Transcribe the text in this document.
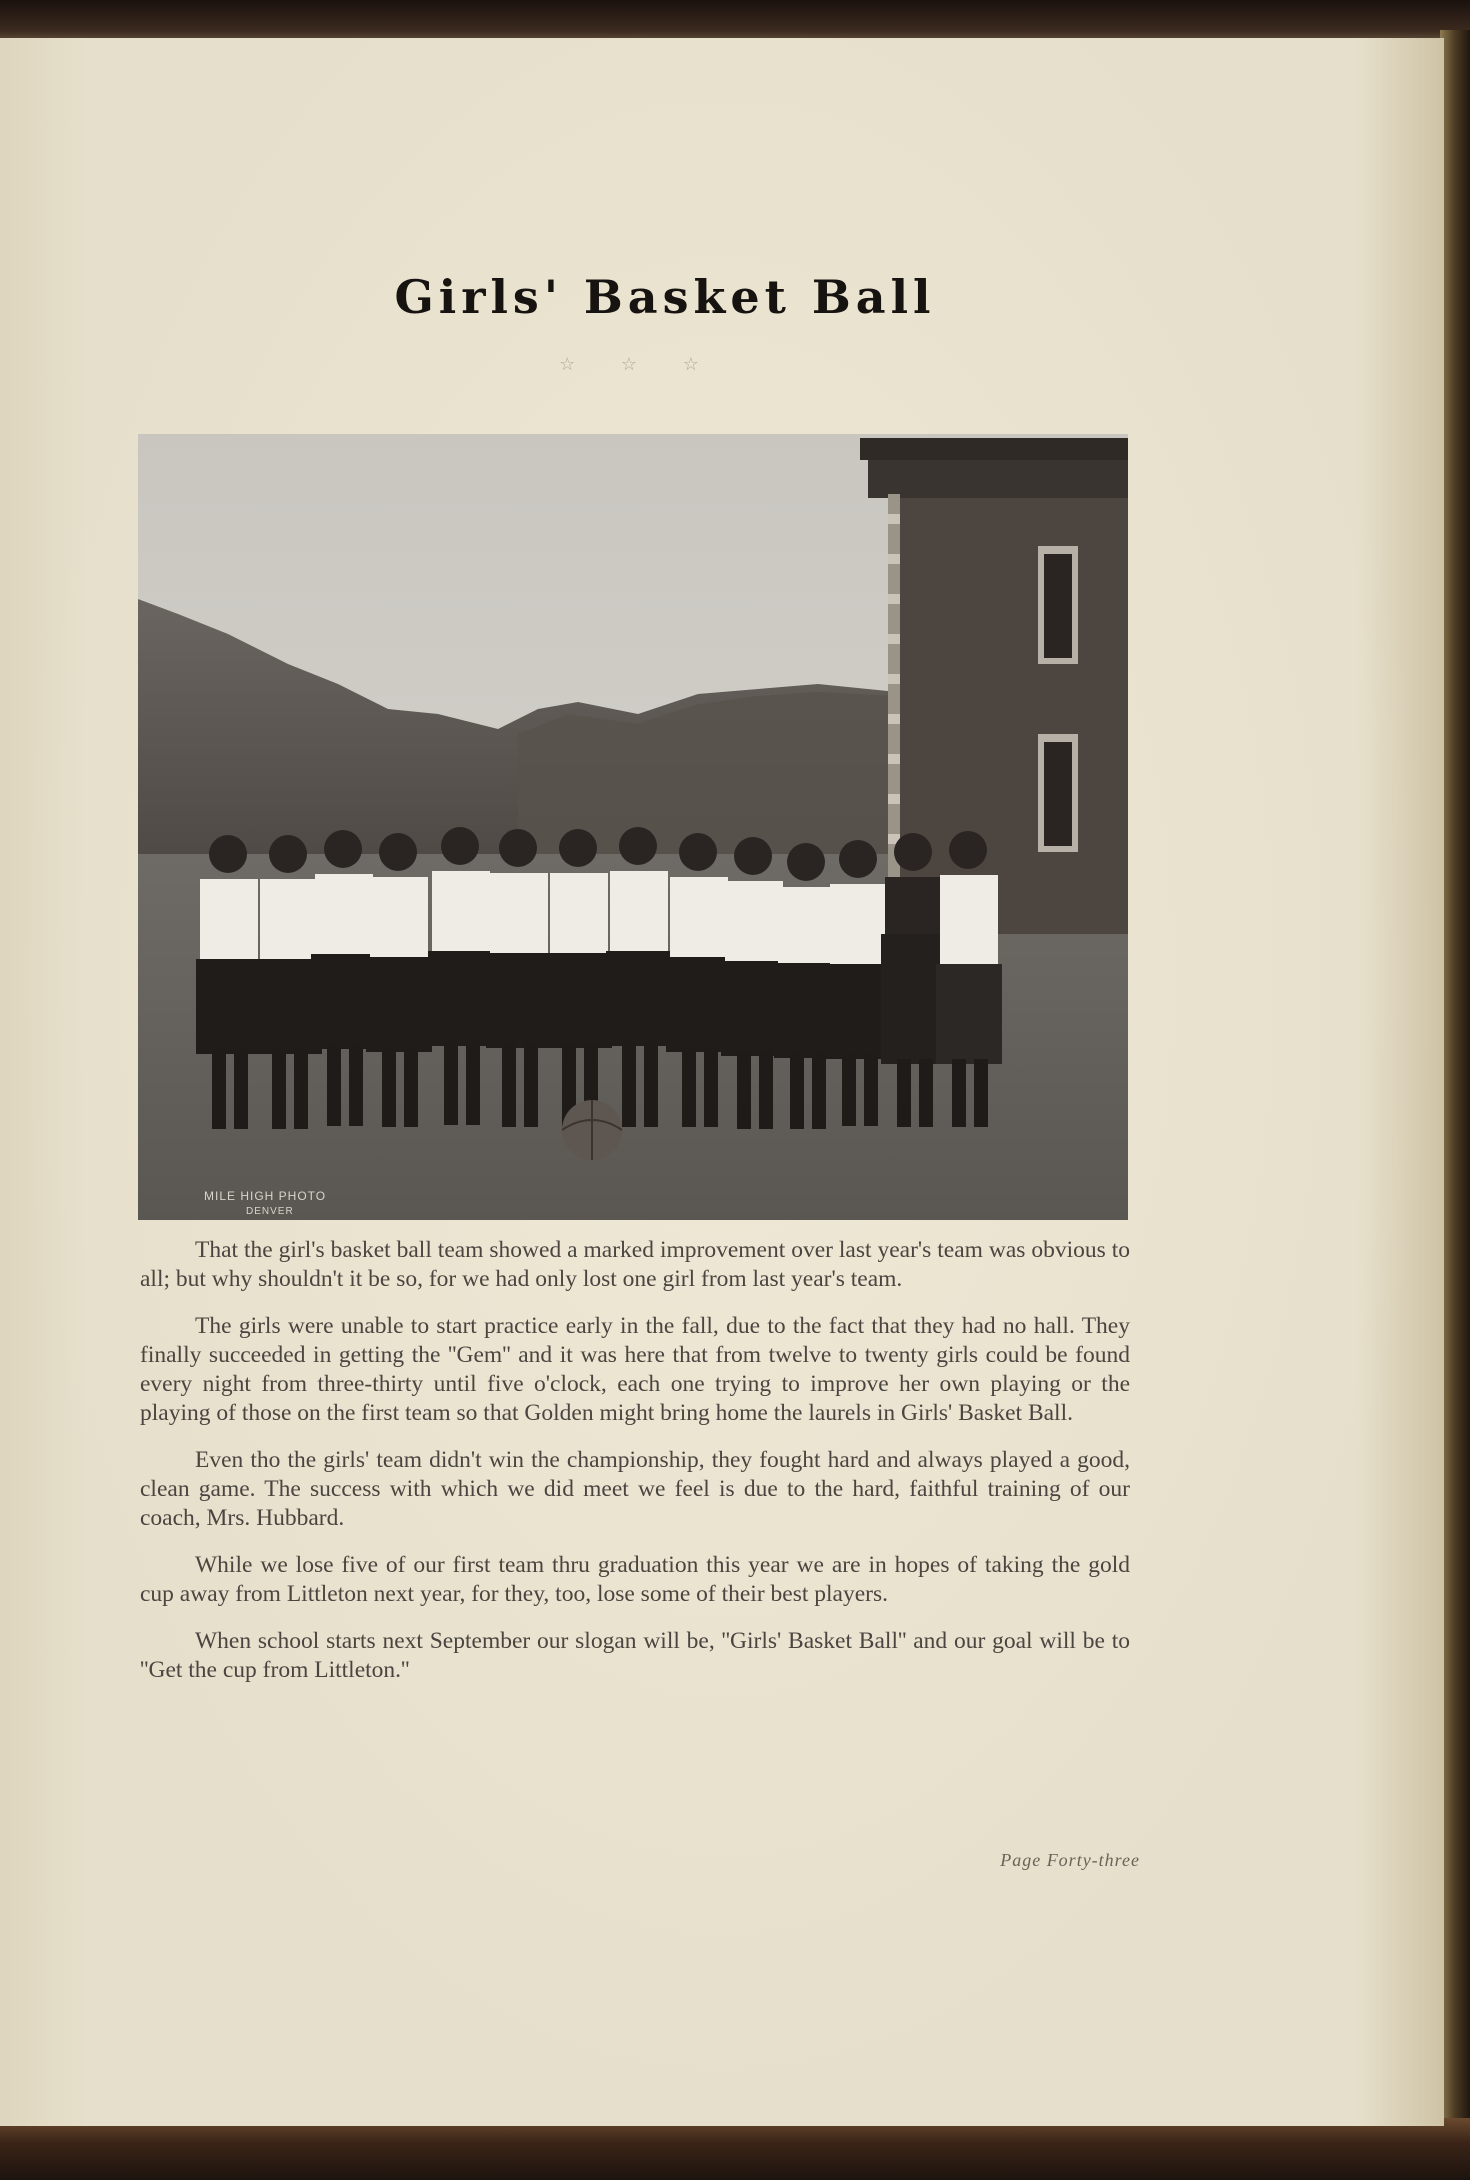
Girls' Basket Ball
☆ ☆ ☆
MILE HIGH PHOTO
DENVER

That the girl's basket ball team showed a marked improvement over last year's team was obvious to all; but why shouldn't it be so, for we had only lost one girl from last year's team.

The girls were unable to start practice early in the fall, due to the fact that they had no hall. They finally succeeded in getting the ''Gem'' and it was here that from twelve to twenty girls could be found every night from three-thirty until five o'clock, each one trying to improve her own playing or the playing of those on the first team so that Golden might bring home the laurels in Girls' Basket Ball.

Even tho the girls' team didn't win the championship, they fought hard and always played a good, clean game. The success with which we did meet we feel is due to the hard, faithful training of our coach, Mrs. Hubbard.

While we lose five of our first team thru graduation this year we are in hopes of taking the gold cup away from Littleton next year, for they, too, lose some of their best players.

When school starts next September our slogan will be, ''Girls' Basket Ball'' and our goal will be to ''Get the cup from Littleton.''

Page Forty-three
